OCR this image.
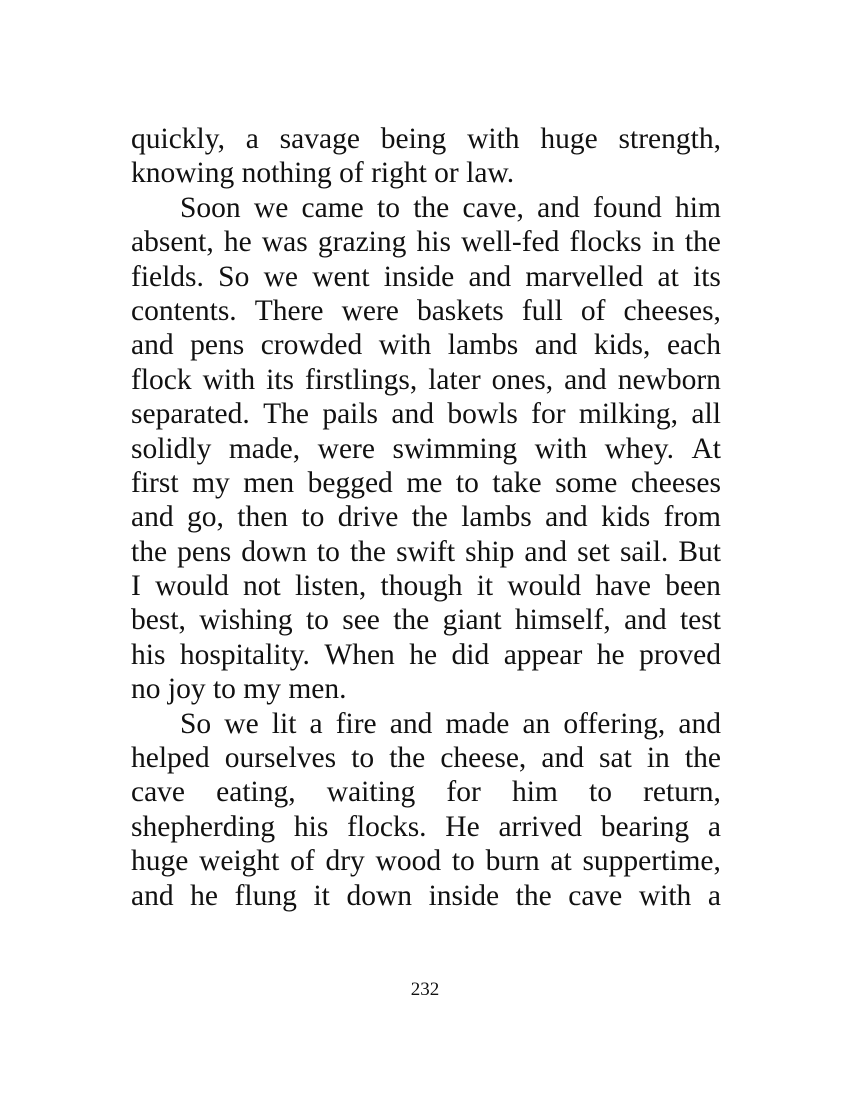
quickly, a savage being with huge strength,
knowing nothing of right or law.
Soon we came to the cave, and found him
absent, he was grazing his well-fed flocks in the
fields. So we went inside and marvelled at its
contents. There were baskets full of cheeses,
and pens crowded with lambs and kids, each
flock with its firstlings, later ones, and newborn
separated. The pails and bowls for milking, all
solidly made, were swimming with whey. At
first my men begged me to take some cheeses
and go, then to drive the lambs and kids from
the pens down to the swift ship and set sail. But
I would not listen, though it would have been
best, wishing to see the giant himself, and test
his hospitality. When he did appear he proved
no joy to my men.
So we lit a fire and made an offering, and
helped ourselves to the cheese, and sat in the
cave eating, waiting for him to return,
shepherding his flocks. He arrived bearing a
huge weight of dry wood to burn at suppertime,
and he flung it down inside the cave with a
232
